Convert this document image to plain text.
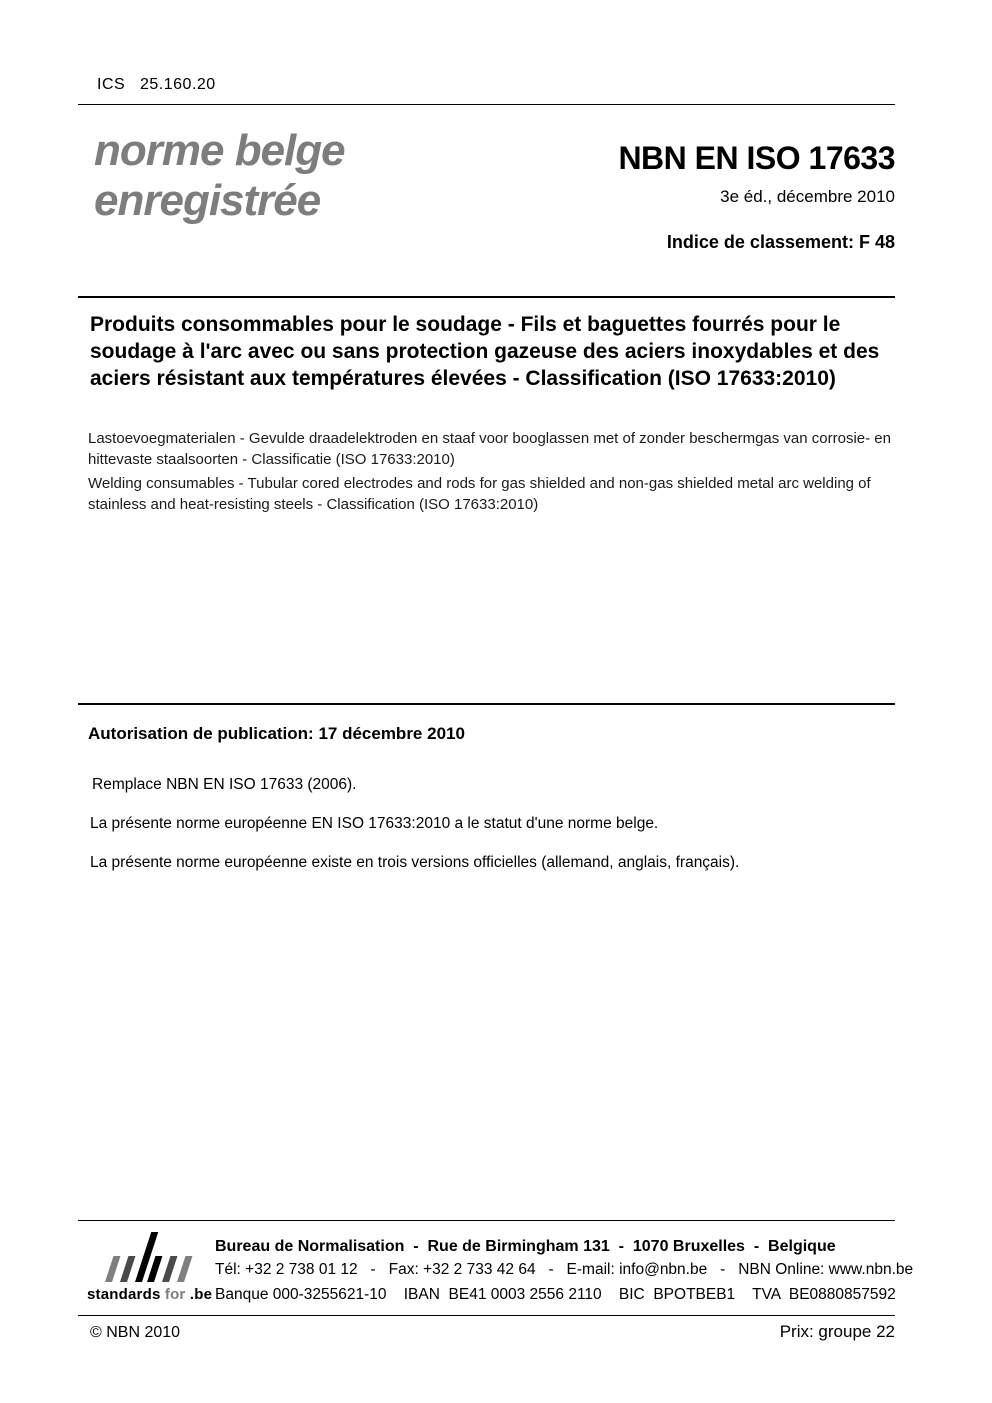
ICS   25.160.20
norme belge
enregistrée
NBN EN ISO 17633
3e éd., décembre 2010
Indice de classement: F 48
Produits consommables pour le soudage - Fils et baguettes fourrés pour le soudage à l'arc avec ou sans protection gazeuse des aciers inoxydables et des aciers résistant aux températures élevées - Classification (ISO 17633:2010)
Lastoevoegmaterialen - Gevulde draadelektroden en staaf voor booglassen met of zonder beschermgas van corrosie- en hittevaste staalsoorten - Classificatie (ISO 17633:2010)
Welding consumables - Tubular cored electrodes and rods for gas shielded and non-gas shielded metal arc welding of stainless and heat-resisting steels - Classification (ISO 17633:2010)
Autorisation de publication: 17 décembre 2010
Remplace NBN EN ISO 17633 (2006).
La présente norme européenne EN ISO 17633:2010 a le statut d'une norme belge.
La présente norme européenne existe en trois versions officielles (allemand, anglais, français).
standards for .be
Bureau de Normalisation  -  Rue de Birmingham 131  -  1070 Bruxelles  -  Belgique
Tél: +32 2 738 01 12   -   Fax: +32 2 733 42 64   -   E-mail: info@nbn.be   -   NBN Online: www.nbn.be
Banque 000-3255621-10    IBAN  BE41 0003 2556 2110    BIC  BPOTBEB1    TVA  BE0880857592
© NBN 2010	Prix: groupe 22
